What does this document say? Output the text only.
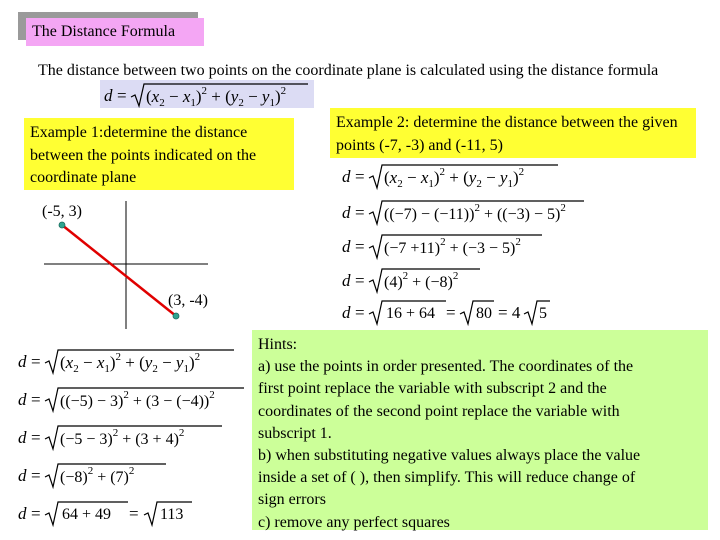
The Distance Formula
The distance between two points on the coordinate plane is calculated using the distance formula
$d = (x_2 - x_1)^2 + (y_2 - y_1)^2$
Example 1:determine the distance between the points indicated on the coordinate plane
Example 2: determine the distance between the given points (-7, -3) and (-11, 5)
(-5, 3)
(3, -4)
$d = (x_2 - x_1)^2 + (y_2 - y_1)^2$
$d = ((-5) - 3)^2 + (3 - (-4))^2$
$d = (-5 - 3)^2 + (3 + 4)^2$
$d = (-8)^2 + (7)^2$
d = 64 + 49 = 113
$d = (x_2 - x_1)^2 + (y_2 - y_1)^2$
$d = ((-7) - (-11))^2 + ((-3) - 5)^2$
$d = (-7 +11)^2 + (-3 - 5)^2$
$d = (4)^2 + (-8)^2$
d = 16 + 64 = 80 = 4 5
Hints:
a) use the points in order presented. The coordinates of the
first point replace the variable with subscript 2 and the
coordinates of the second point replace the variable with
subscript 1.
b) when substituting negative values always place the value
inside a set of ( ), then simplify. This will reduce change of
sign errors
c) remove any perfect squares
